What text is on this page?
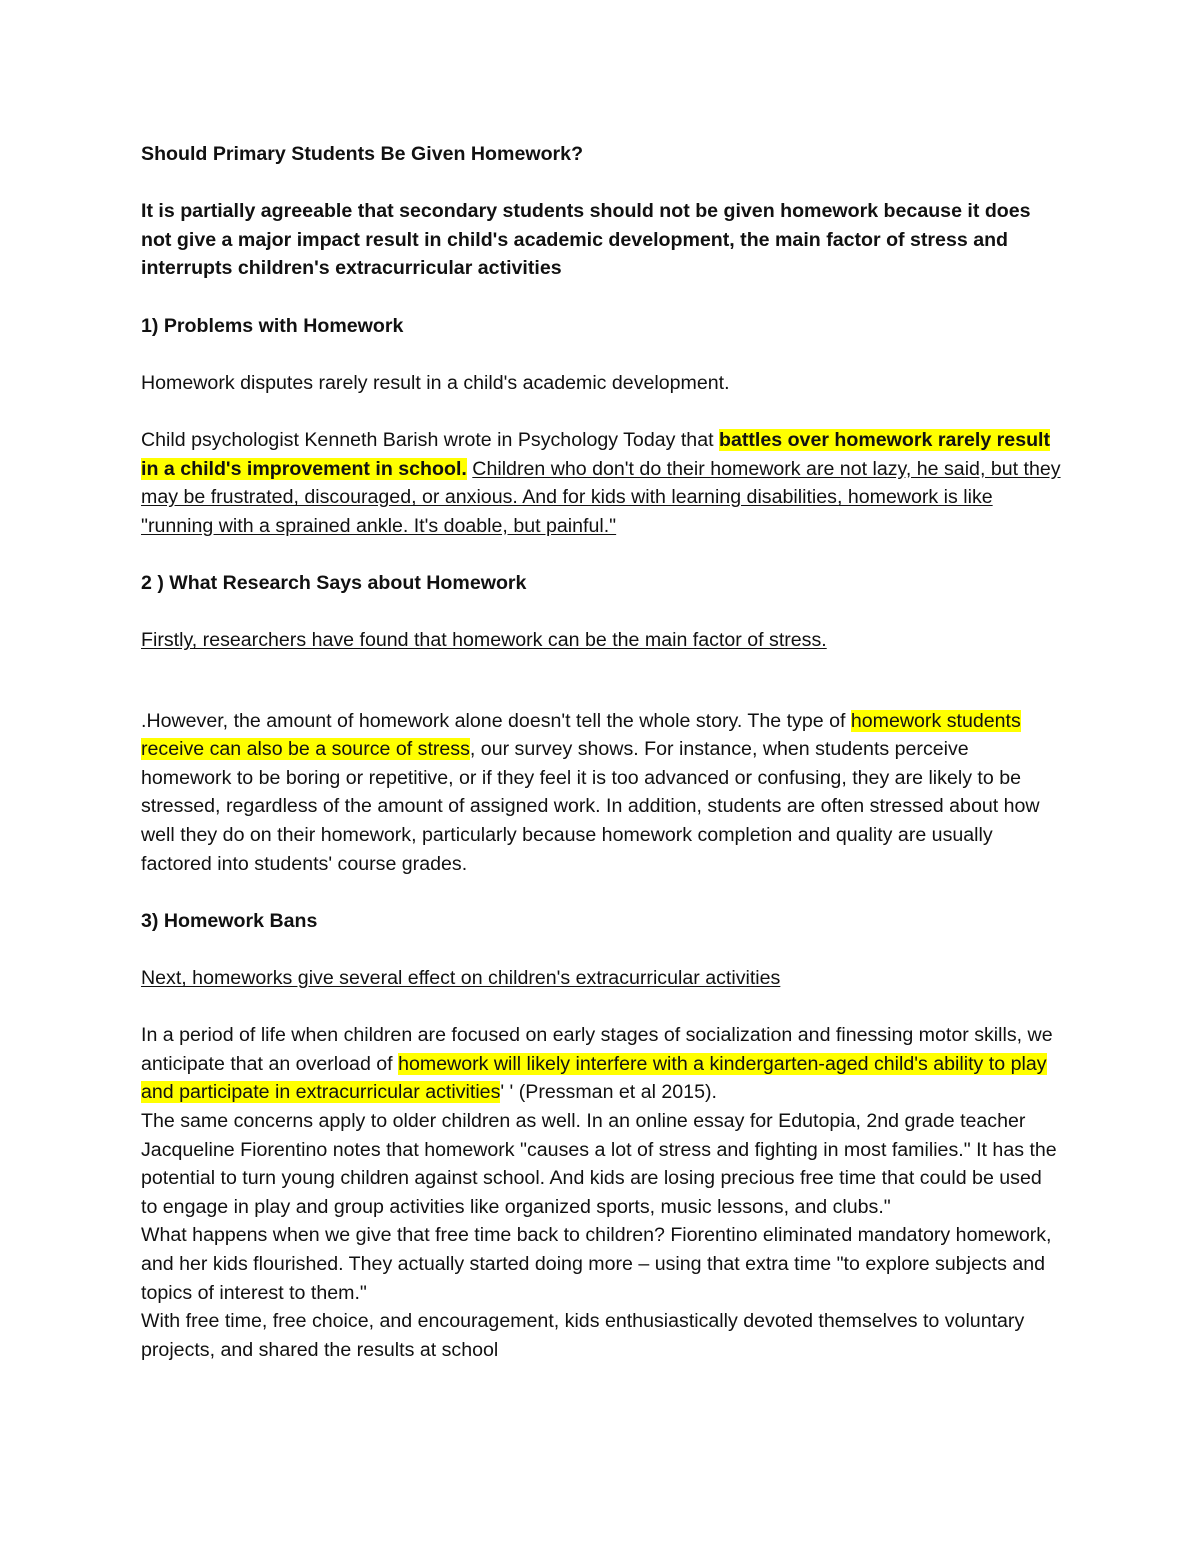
Should Primary Students Be Given Homework?

It is partially agreeable that secondary students should not be given homework because it does not give a major impact result in child's academic development, the main factor of stress and interrupts children's extracurricular activities

1) Problems with Homework

Homework disputes rarely result in a child's academic development.

Child psychologist Kenneth Barish wrote in Psychology Today that battles over homework rarely result in a child's improvement in school. Children who don't do their homework are not lazy, he said, but they may be frustrated, discouraged, or anxious. And for kids with learning disabilities, homework is like "running with a sprained ankle. It's doable, but painful."

2 ) What Research Says about Homework

Firstly, researchers have found that homework can be the main factor of stress.

.However, the amount of homework alone doesn't tell the whole story. The type of homework students receive can also be a source of stress, our survey shows. For instance, when students perceive homework to be boring or repetitive, or if they feel it is too advanced or confusing, they are likely to be stressed, regardless of the amount of assigned work. In addition, students are often stressed about how well they do on their homework, particularly because homework completion and quality are usually factored into students' course grades.

3) Homework Bans

Next, homeworks give several effect on children's extracurricular activities

In a period of life when children are focused on early stages of socialization and finessing motor skills, we anticipate that an overload of homework will likely interfere with a kindergarten-aged child's ability to play and participate in extracurricular activities' ' (Pressman et al 2015).

The same concerns apply to older children as well. In an online essay for Edutopia, 2nd grade teacher Jacqueline Fiorentino notes that homework "causes a lot of stress and fighting in most families." It has the potential to turn young children against school. And kids are losing precious free time that could be used to engage in play and group activities like organized sports, music lessons, and clubs."

What happens when we give that free time back to children? Fiorentino eliminated mandatory homework, and her kids flourished. They actually started doing more – using that extra time "to explore subjects and topics of interest to them."

With free time, free choice, and encouragement, kids enthusiastically devoted themselves to voluntary projects, and shared the results at school
